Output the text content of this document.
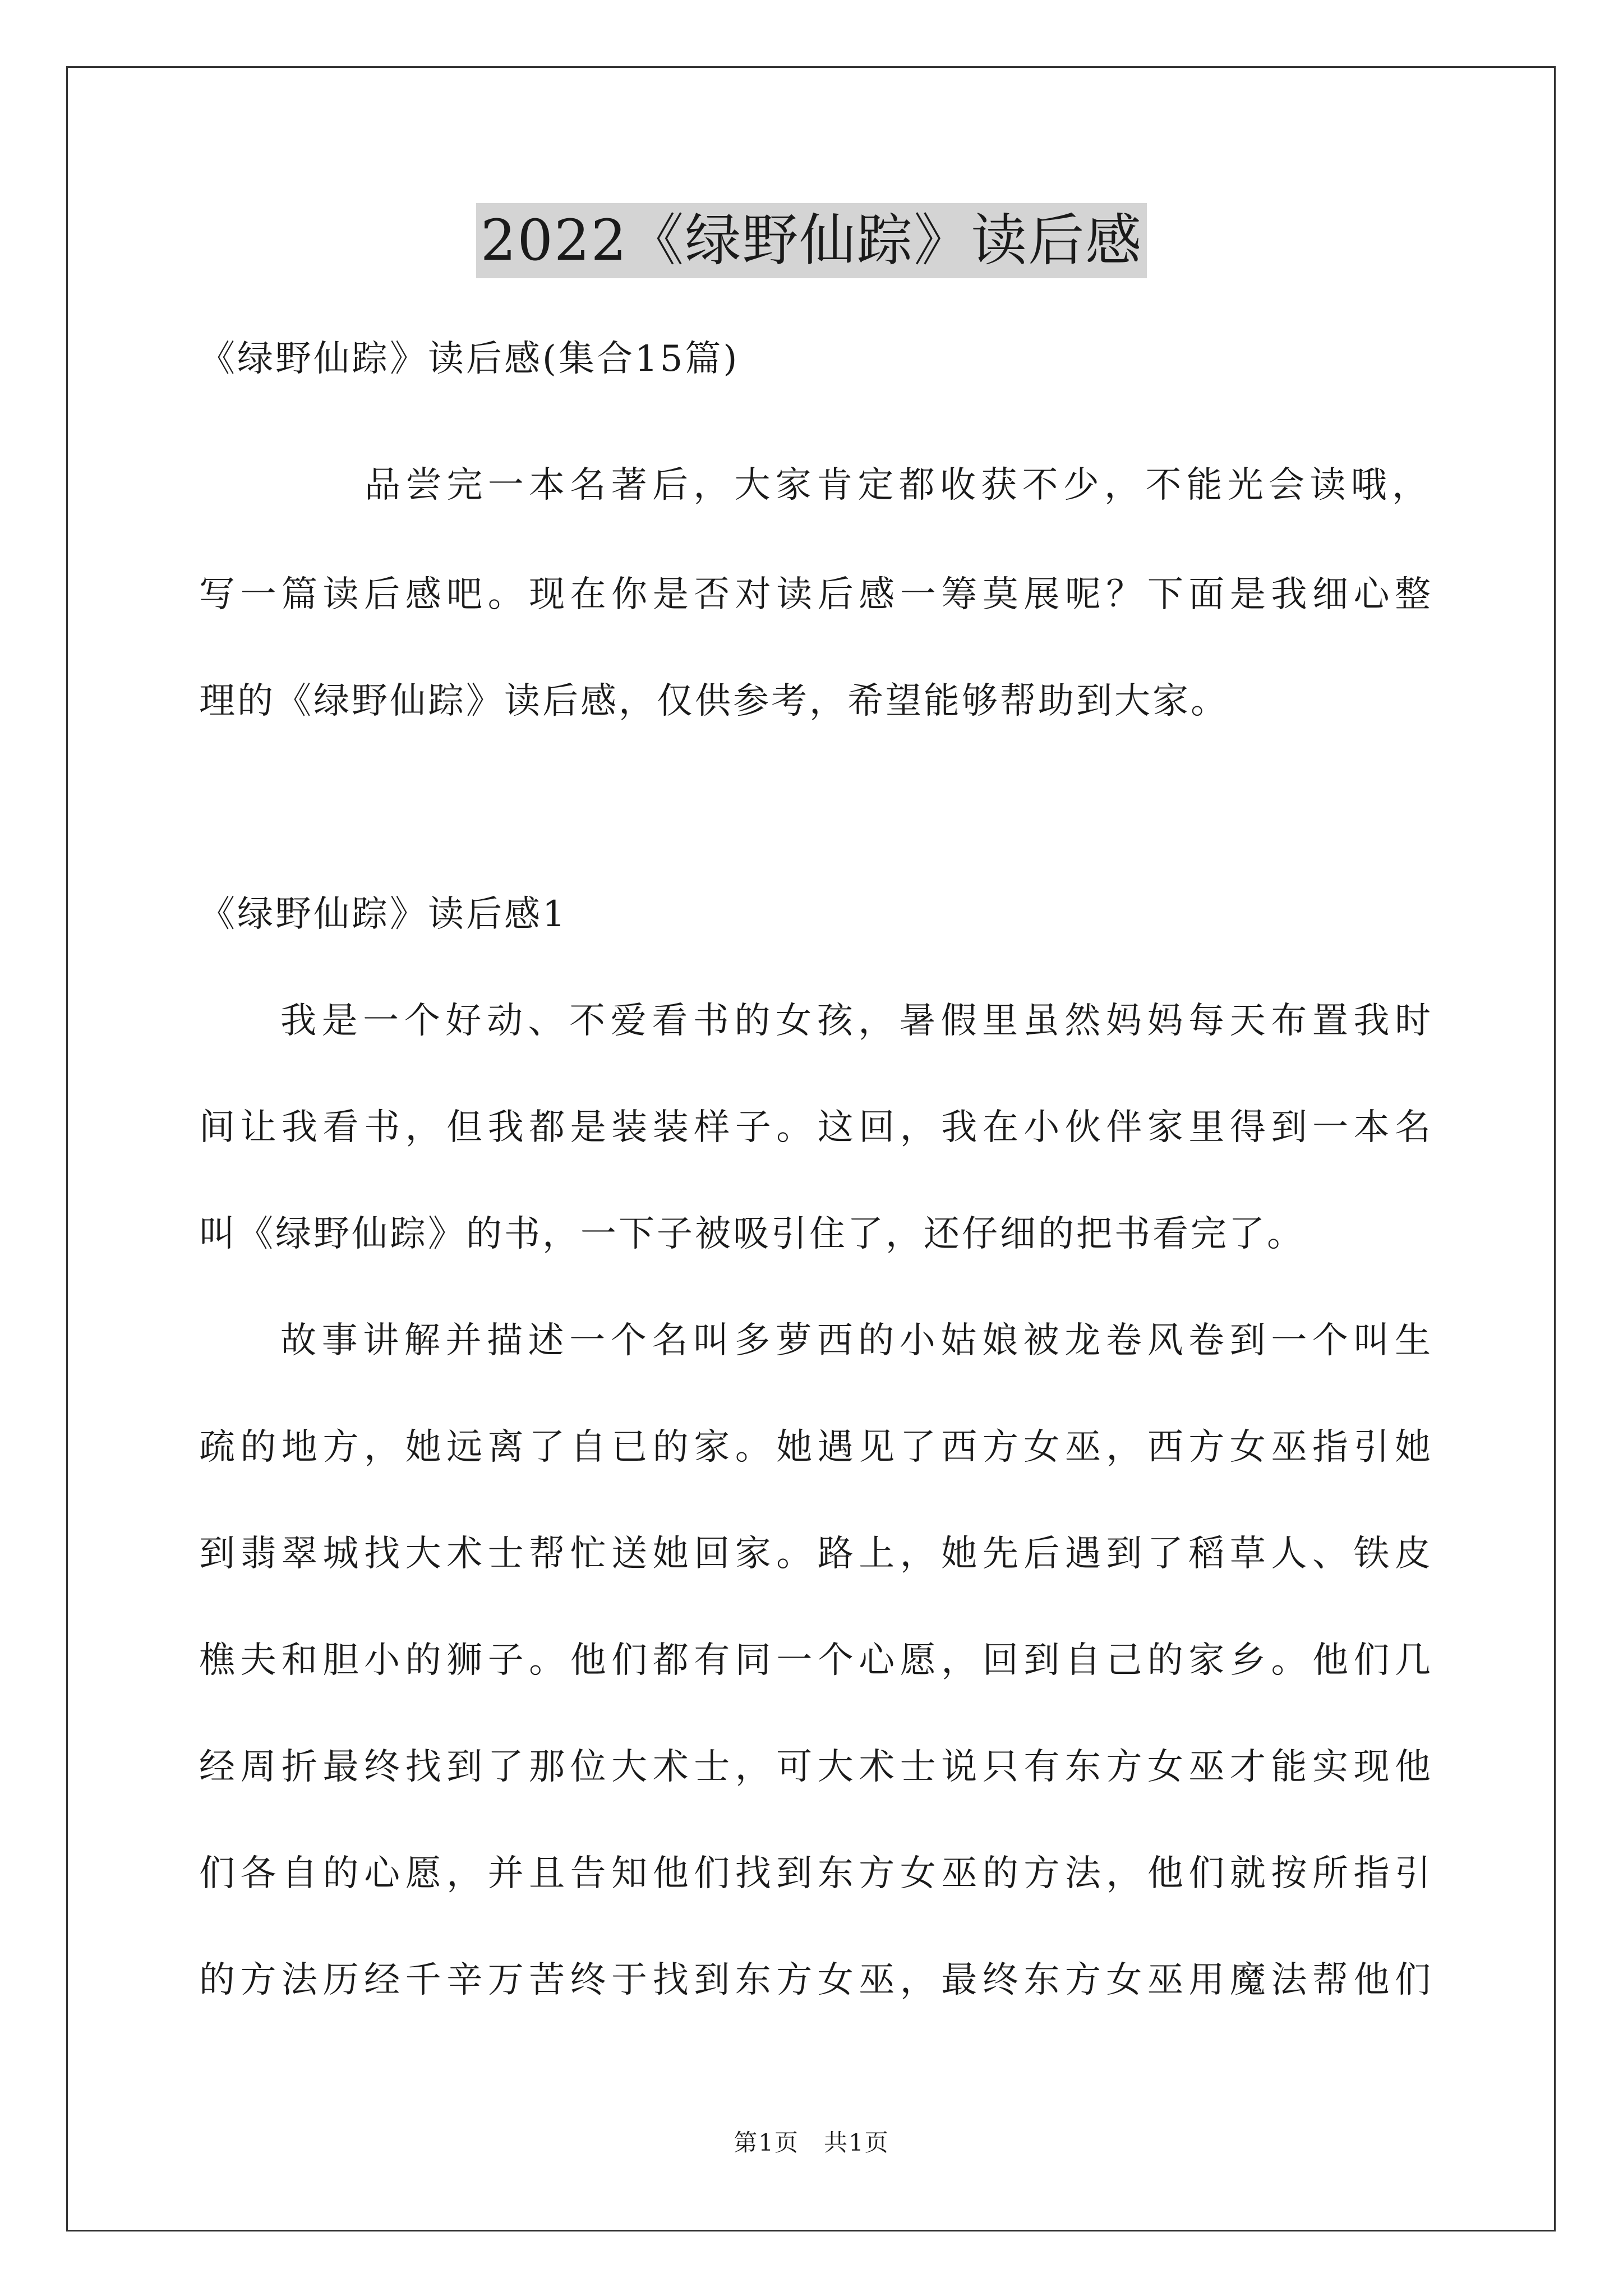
2022《绿野仙踪》读后感
《绿野仙踪》读后感(集合15篇)
品尝完一本名著后，大家肯定都收获不少，不能光会读哦，
写一篇读后感吧。现在你是否对读后感一筹莫展呢？下面是我细心整
理的《绿野仙踪》读后感，仅供参考，希望能够帮助到大家。
《绿野仙踪》读后感1
我是一个好动、不爱看书的女孩，暑假里虽然妈妈每天布置我时
间让我看书，但我都是装装样子。这回，我在小伙伴家里得到一本名
叫《绿野仙踪》的书，一下子被吸引住了，还仔细的把书看完了。
故事讲解并描述一个名叫多萝西的小姑娘被龙卷风卷到一个叫生
疏的地方，她远离了自已的家。她遇见了西方女巫，西方女巫指引她
到翡翠城找大术士帮忙送她回家。路上，她先后遇到了稻草人、铁皮
樵夫和胆小的狮子。他们都有同一个心愿，回到自己的家乡。他们几
经周折最终找到了那位大术士，可大术士说只有东方女巫才能实现他
们各自的心愿，并且告知他们找到东方女巫的方法，他们就按所指引
的方法历经千辛万苦终于找到东方女巫，最终东方女巫用魔法帮他们
第1页　共1页
